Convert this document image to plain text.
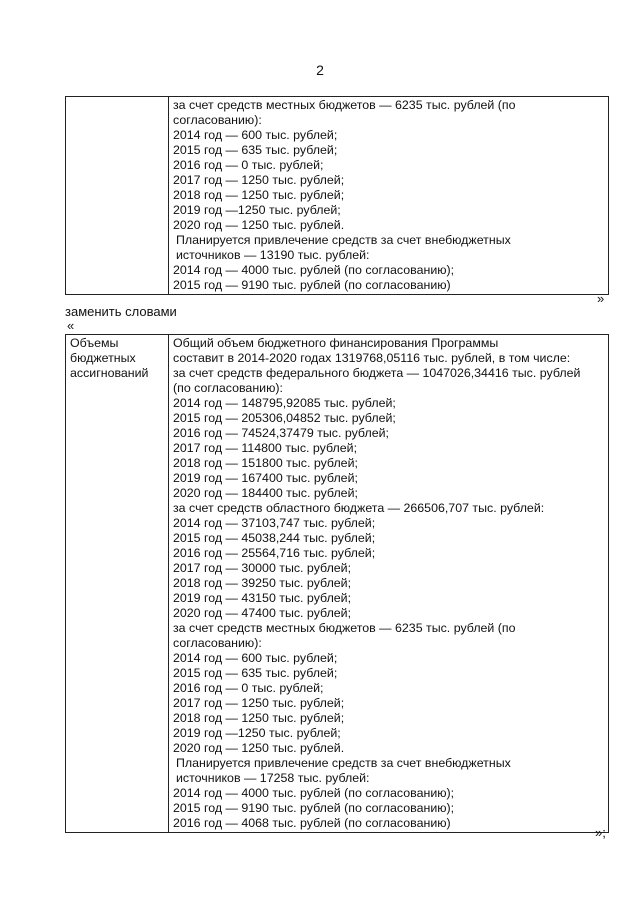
2

за счет средств местных бюджетов — 6235 тыс. рублей (по
согласованию):
2014 год — 600 тыс. рублей;
2015 год — 635 тыс. рублей;
2016 год — 0 тыс. рублей;
2017 год — 1250 тыс. рублей;
2018 год — 1250 тыс. рублей;
2019 год —1250 тыс. рублей;
2020 год — 1250 тыс. рублей.
Планируется привлечение средств за счет внебюджетных
источников — 13190 тыс. рублей:
2014 год — 4000 тыс. рублей (по согласованию);
2015 год — 9190 тыс. рублей (по согласованию)
»
заменить словами
«
Объемы
бюджетных
ассигнований

Общий объем бюджетного финансирования Программы
составит в 2014-2020 годах 1319768,05116 тыс. рублей, в том числе:
за счет средств федерального бюджета — 1047026,34416 тыс. рублей
(по согласованию):
2014 год — 148795,92085 тыс. рублей;
2015 год — 205306,04852 тыс. рублей;
2016 год — 74524,37479 тыс. рублей;
2017 год — 114800 тыс. рублей;
2018 год — 151800 тыс. рублей;
2019 год — 167400 тыс. рублей;
2020 год — 184400 тыс. рублей;
за счет средств областного бюджета — 266506,707 тыс. рублей:
2014 год — 37103,747 тыс. рублей;
2015 год — 45038,244 тыс. рублей;
2016 год — 25564,716 тыс. рублей;
2017 год — 30000 тыс. рублей;
2018 год — 39250 тыс. рублей;
2019 год — 43150 тыс. рублей;
2020 год — 47400 тыс. рублей;
за счет средств местных бюджетов — 6235 тыс. рублей (по
согласованию):
2014 год — 600 тыс. рублей;
2015 год — 635 тыс. рублей;
2016 год — 0 тыс. рублей;
2017 год — 1250 тыс. рублей;
2018 год — 1250 тыс. рублей;
2019 год —1250 тыс. рублей;
2020 год — 1250 тыс. рублей.
Планируется привлечение средств за счет внебюджетных
источников — 17258 тыс. рублей:
2014 год — 4000 тыс. рублей (по согласованию);
2015 год — 9190 тыс. рублей (по согласованию);
2016 год — 4068 тыс. рублей (по согласованию)
»;
